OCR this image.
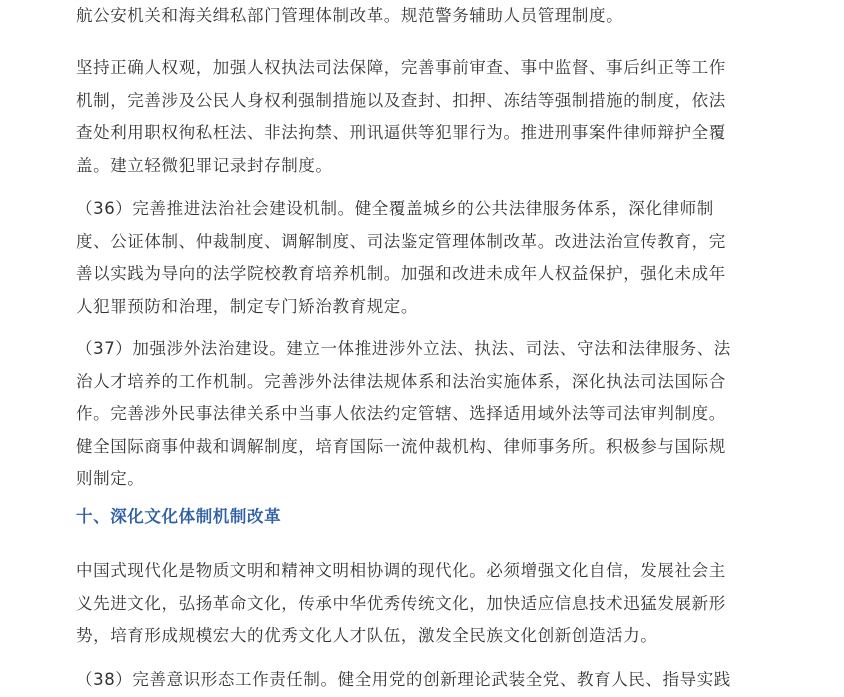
航公安机关和海关缉私部门管理体制改革。规范警务辅助人员管理制度。

坚持正确人权观，加强人权执法司法保障，完善事前审查、事中监督、事后纠正等工作
机制，完善涉及公民人身权利强制措施以及查封、扣押、冻结等强制措施的制度，依法
查处利用职权徇私枉法、非法拘禁、刑讯逼供等犯罪行为。推进刑事案件律师辩护全覆
盖。建立轻微犯罪记录封存制度。

（36）完善推进法治社会建设机制。健全覆盖城乡的公共法律服务体系，深化律师制
度、公证体制、仲裁制度、调解制度、司法鉴定管理体制改革。改进法治宣传教育，完
善以实践为导向的法学院校教育培养机制。加强和改进未成年人权益保护，强化未成年
人犯罪预防和治理，制定专门矫治教育规定。

（37）加强涉外法治建设。建立一体推进涉外立法、执法、司法、守法和法律服务、法
治人才培养的工作机制。完善涉外法律法规体系和法治实施体系，深化执法司法国际合
作。完善涉外民事法律关系中当事人依法约定管辖、选择适用域外法等司法审判制度。
健全国际商事仲裁和调解制度，培育国际一流仲裁机构、律师事务所。积极参与国际规
则制定。

十、深化文化体制机制改革

中国式现代化是物质文明和精神文明相协调的现代化。必须增强文化自信，发展社会主
义先进文化，弘扬革命文化，传承中华优秀传统文化，加快适应信息技术迅猛发展新形
势，培育形成规模宏大的优秀文化人才队伍，激发全民族文化创新创造活力。

（38）完善意识形态工作责任制。健全用党的创新理论武装全党、教育人民、指导实践
